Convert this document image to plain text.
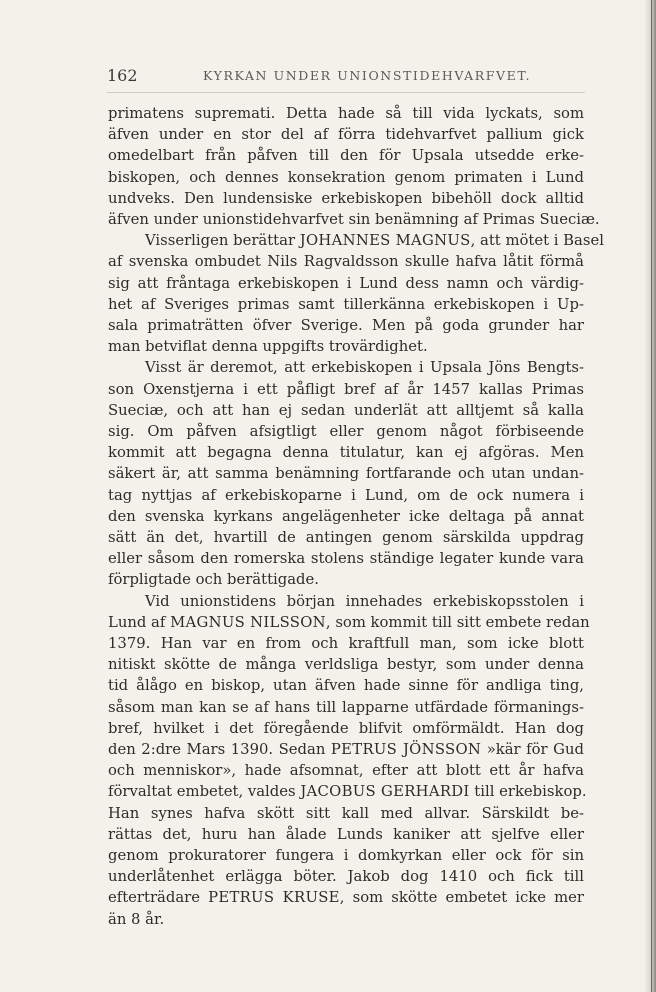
162	KYRKAN UNDER UNIONSTIDEHVARFVET.
primatens suprematі. Detta hade så till vida lyckats, som
äfven under en stor del af förra tidehvarfvet pallium gick
omedelbart från påfven till den för Upsala utsedde erke-
biskopen, och dennes konsekration genom primaten i Lund
undveks. Den lundensiske erkebiskopen bibehöll dock alltid
äfven under unionstidehvarfvet sin benämning af Primas Sueciæ.
Visserligen berättar JOHANNES MAGNUS, att mötet i Basel
af svenska ombudet Nils Ragvaldsson skulle hafva låtit förmå
sig att fråntaga erkebiskopen i Lund dess namn och värdig-
het af Sveriges primas samt tillerkänna erkebiskopen i Up-
sala primaträtten öfver Sverige. Men på goda grunder har
man betviflat denna uppgifts trovärdighet.
Visst är deremot, att erkebiskopen i Upsala Jöns Bengts-
son Oxenstjerna i ett påfligt bref af år 1457 kallas Primas
Sueciæ, och att han ej sedan underlät att alltjemt så kalla
sig. Om påfven afsigtligt eller genom något förbiseende
kommit att begagna denna titulatur, kan ej afgöras. Men
säkert är, att samma benämning fortfarande och utan undan-
tag nyttjas af erkebiskoparne i Lund, om de ock numera i
den svenska kyrkans angelägenheter icke deltaga på annat
sätt än det, hvartill de antingen genom särskilda uppdrag
eller såsom den romerska stolens ständige legater kunde vara
förpligtade och berättigade.
Vid unionstidens början innehades erkebiskopsstolen i
Lund af MAGNUS NILSSON, som kommit till sitt embete redan
1379. Han var en from och kraftfull man, som icke blott
nitiskt skötte de många verldsliga bestyr, som under denna
tid ålågo en biskop, utan äfven hade sinne för andliga ting,
såsom man kan se af hans till lapparne utfärdade förmanings-
bref, hvilket i det föregående blifvit omförmäldt. Han dog
den 2:dre Mars 1390. Sedan PETRUS JÖNSSON »kär för Gud
och menniskor», hade afsomnat, efter att blott ett år hafva
förvaltat embetet, valdes JACOBUS GERHARDI till erkebiskop.
Han synes hafva skött sitt kall med allvar. Särskildt be-
rättas det, huru han ålade Lunds kaniker att sjelfve eller
genom prokuratorer fungera i domkyrkan eller ock för sin
underlåtenhet erlägga böter. Jakob dog 1410 och fick till
efterträdare PETRUS KRUSE, som skötte embetet icke mer
än 8 år.
